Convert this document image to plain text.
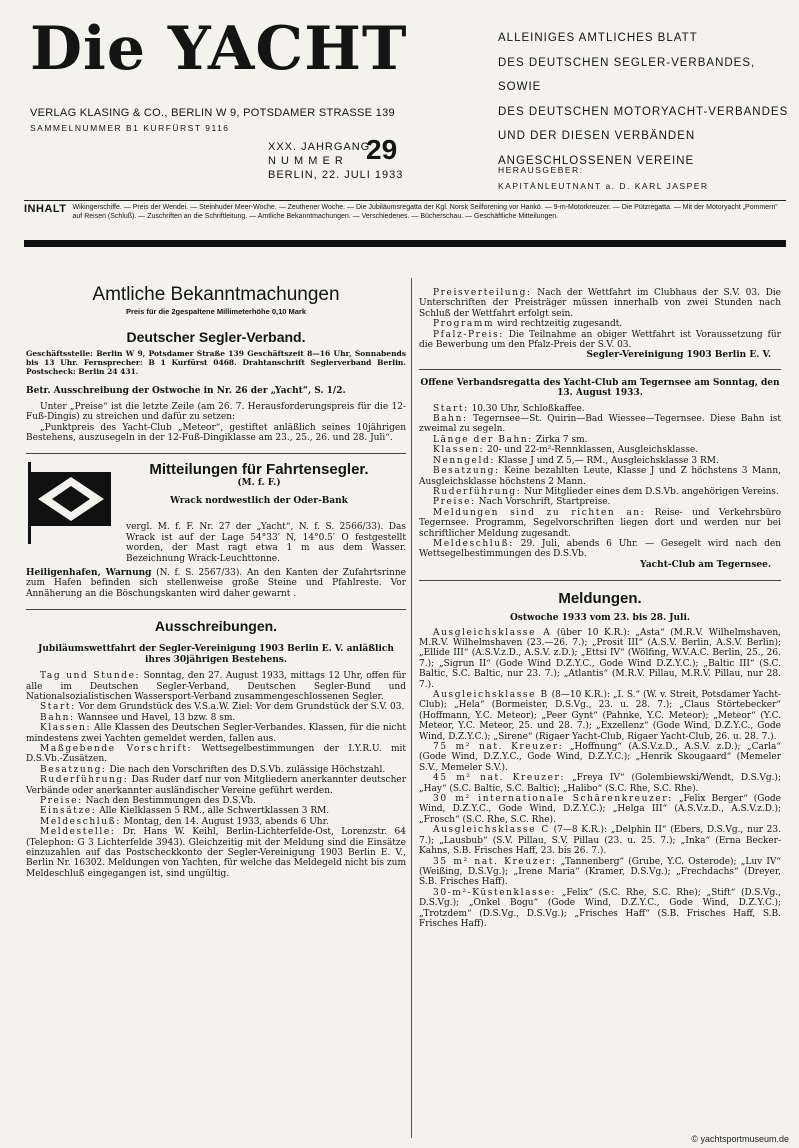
Die YACHT
VERLAG KLASING & CO., BERLIN W 9, POTSDAMER STRASSE 139
SAMMELNUMMER B1 KURFÜRST 9116
XXX. JAHRGANG
N U M M E R
BERLIN, 22. JULI 1933
29
ALLEINIGES AMTLICHES BLATT
DES DEUTSCHEN SEGLER-VERBANDES, SOWIE
DES DEUTSCHEN MOTORYACHT-VERBANDES
UND DER DIESEN VERBÄNDEN
ANGESCHLOSSENEN VEREINE
HERAUSGEBER:
KAPITÄNLEUTNANT a. D. KARL JASPER
INHALT Wikingerschiffe. — Preis der Wendei. — Steinhuder Meer-Woche. — Zeuthener Woche. — Die Jubiläumsregatta der Kgl. Norsk Seilforening vor Hankö. — 9-m-Motorkreuzer. — Die Pützregatta. — Mit der Motoryacht „Pommern“ auf Reisen (Schluß). — Zuschriften an die Schriftleitung. — Amtliche Bekanntmachungen. — Verschiedenes. — Bücherschau. — Geschäftliche Mitteilungen.
Amtliche Bekanntmachungen

Preis für die 2gespaltene Millimeterhöhe 0,10 Mark

Deutscher Segler-Verband.

Geschäftsstelle: Berlin W 9, Potsdamer Straße 139 Geschäftszeit 8—16 Uhr, Sonnabends bis 13 Uhr. Fernsprecher: B 1 Kurfürst 0468. Drahtanschrift Seglerverband Berlin. Postscheck: Berlin 24 431.

Betr. Ausschreibung der Ostwoche in Nr. 26 der „Yacht“, S. 1/2.

Unter „Preise“ ist die letzte Zeile (am 26. 7. Herausforderungspreis für die 12-Fuß-Dingis) zu streichen und dafür zu setzen:

„Punktpreis des Yacht-Club „Meteor“, gestiftet anläßlich seines 10jährigen Bestehens, auszusegeln in der 12-Fuß-Dingiklasse am 23., 25., 26. und 28. Juli“.

Mitteilungen für Fahrtensegler.

(M. f. F.)

Wrack nordwestlich der Oder-Bank

vergl. M. f. F. Nr. 27 der „Yacht“, N. f. S. 2566/33). Das Wrack ist auf der Lage 54°33′ N, 14°0.5′ O festgestellt worden, der Mast ragt etwa 1 m aus dem Wasser. Bezeichnung Wrack-Leuchttonne.

Heiligenhafen, Warnung (N. f. S. 2567/33). An den Kanten der Zufahrtsrinne zum Hafen befinden sich stellenweise große Steine und Pfahlreste. Vor Annäherung an die Böschungskanten wird daher gewarnt .

Ausschreibungen.

Jubiläumswettfahrt der Segler-Vereinigung 1903 Berlin E. V. anläßlich ihres 30jährigen Bestehens.

Tag und Stunde: Sonntag, den 27. August 1933, mittags 12 Uhr, offen für alle im Deutschen Segler-Verband, Deutschen Segler-Bund und Nationalsozialistischen Wassersport-Verband zusammengeschlossenen Segler.

Start: Vor dem Grundstück des V.S.a.W. Ziel: Vor dem Grundstück der S.V. 03.

Bahn: Wannsee und Havel, 13 bzw. 8 sm.

Klassen: Alle Klassen des Deutschen Segler-Verbandes. Klassen, für die nicht mindestens zwei Yachten gemeldet werden, fallen aus.

Maßgebende Vorschrift: Wettsegelbestimmungen der I.Y.R.U. mit D.S.Vb.-Zusätzen.

Besatzung: Die nach den Vorschriften des D.S.Vb. zulässige Höchstzahl.

Ruderführung: Das Ruder darf nur von Mitgliedern anerkannter deutscher Verbände oder anerkannter ausländischer Vereine geführt werden.

Preise: Nach den Bestimmungen des D.S.Vb.

Einsätze: Alle Kielklassen 5 RM., alle Schwertklassen 3 RM.

Meldeschluß: Montag, den 14. August 1933, abends 6 Uhr.

Meldestelle: Dr. Hans W. Keihl, Berlin-Lichterfelde-Ost, Lorenzstr. 64 (Telephon: G 3 Lichterfelde 3943). Gleichzeitig mit der Meldung sind die Einsätze einzuzahlen auf das Postscheckkonto der Segler-Vereinigung 1903 Berlin E. V., Berlin Nr. 16302. Meldungen von Yachten, für welche das Meldegeld nicht bis zum Meldeschluß eingegangen ist, sind ungültig.

Preisverteilung: Nach der Wettfahrt im Clubhaus der S.V. 03. Die Unterschriften der Preisträger müssen innerhalb von zwei Stunden nach Schluß der Wettfahrt erfolgt sein.

Programm wird rechtzeitig zugesandt.

Pfalz-Preis: Die Teilnahme an obiger Wettfahrt ist Voraussetzung für die Bewerbung um den Pfalz-Preis der S.V. 03.

Segler-Vereinigung 1903 Berlin E. V.

Offene Verbandsregatta des Yacht-Club am Tegernsee am Sonntag, den 13. August 1933.

Start: 10.30 Uhr, Schloßkaffee.

Bahn: Tegernsee—St. Quirin—Bad Wiessee—Tegernsee. Diese Bahn ist zweimal zu segeln.

Länge der Bahn: Zirka 7 sm.

Klassen: 20- und 22-m²-Rennklassen, Ausgleichsklasse.

Nenngeld: Klasse J und Z 5,— RM., Ausgleichsklasse 3 RM.

Besatzung: Keine bezahlten Leute, Klasse J und Z höchstens 3 Mann, Ausgleichsklasse höchstens 2 Mann.

Ruderführung: Nur Mitglieder eines dem D.S.Vb. angehörigen Vereins.

Preise: Nach Vorschrift, Startpreise.

Meldungen sind zu richten an: Reise- und Verkehrsbüro Tegernsee. Programm, Segelvorschriften liegen dort und werden nur bei schriftlicher Meldung zugesandt.

Meldeschluß: 29. Juli, abends 6 Uhr. — Gesegelt wird nach den Wettsegelbestimmungen des D.S.Vb.

Yacht-Club am Tegernsee.

Meldungen.

Ostwoche 1933 vom 23. bis 28. Juli.

Ausgleichsklasse A (über 10 K.R.): „Asta“ (M.R.V. Wilhelmshaven, M.R.V. Wilhelmshaven (23.—26. 7.); „Prosit III“ (A.S.V. Berlin, A.S.V. Berlin); „Ellide III“ (A.S.V.z.D., A.S.V. z.D.); „Ettsi IV“ (Wölfing, W.V.A.C. Berlin, 25., 26. 7.); „Sigrun II“ (Gode Wind D.Z.Y.C., Gode Wind D.Z.Y.C.); „Baltic III“ (S.C. Baltic, S.C. Baltic, nur 23. 7.); „Atlantis“ (M.R.V. Pillau, M.R.V. Pillau, nur 28. 7.).

Ausgleichsklasse B (8—10 K.R.): „I. S.“ (W. v. Streit, Potsdamer Yacht-Club); „Hela“ (Bormeister, D.S.Vg., 23. u. 28. 7.); „Claus Störtebecker“ (Hoffmann, Y.C. Meteor); „Peer Gynt“ (Pahnke, Y.C. Meteor); „Meteor“ (Y.C. Meteor, Y.C. Meteor, 25. und 28. 7.); „Exzellenz“ (Gode Wind, D.Z.Y.C., Gode Wind, D.Z.Y.C.); „Sirene“ (Rigaer Yacht-Club, Rigaer Yacht-Club, 26. u. 28. 7.).

75 m² nat. Kreuzer: „Hoffnung“ (A.S.V.z.D., A.S.V. z.D.); „Carla“ (Gode Wind, D.Z.Y.C., Gode Wind, D.Z.Y.C.); „Henrik Skougaard“ (Memeler S.V., Memeler S.V.).

45 m² nat. Kreuzer: „Freya IV“ (Golembiewski/Wendt, D.S.Vg.); „Hay“ (S.C. Baltic, S.C. Baltic); „Halibo“ (S.C. Rhe, S.C. Rhe).

30 m² internationale Schärenkreuzer: „Felix Berger“ (Gode Wind, D.Z.Y.C., Gode Wind, D.Z.Y.C.); „Helga III“ (A.S.V.z.D., A.S.V.z.D.); „Frosch“ (S.C. Rhe, S.C. Rhe).

Ausgleichsklasse C (7—8 K.R.): „Delphin II“ (Ebers, D.S.Vg., nur 23. 7.); „Lausbub“ (S.V. Pillau, S.V. Pillau (23. u. 25. 7.); „Inka“ (Erna Becker-Kahns, S.B. Frisches Haff, 23. bis 26. 7.).

35 m² nat. Kreuzer: „Tannenberg“ (Grube, Y.C. Osterode); „Luv IV“ (Weißing, D.S.Vg.); „Irene Maria“ (Kramer, D.S.Vg.); „Frechdachs“ (Dreyer, S.B. Frisches Haff).

30-m²-Küstenklasse: „Felix“ (S.C. Rhe, S.C. Rhe); „Stift“ (D.S.Vg., D.S.Vg.); „Onkel Bogu“ (Gode Wind, D.Z.Y.C., Gode Wind, D.Z.Y.C.); „Trotzdem“ (D.S.Vg., D.S.Vg.); „Frisches Haff“ (S.B. Frisches Haff, S.B. Frisches Haff).

© yachtsportmuseum.de
